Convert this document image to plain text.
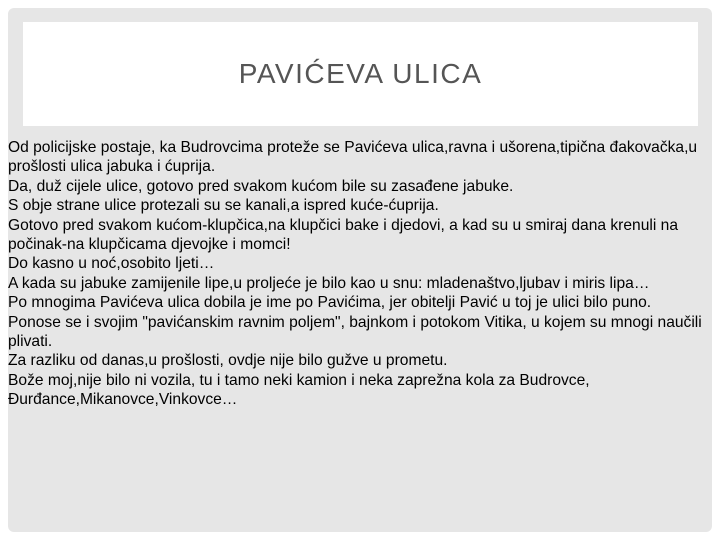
PAVIĆEVA ULICA

Od policijske postaje, ka Budrovcima proteže se Pavićeva ulica,ravna i ušorena,tipična đakovačka,u prošlosti ulica jabuka i ćuprija.

Da, duž cijele ulice, gotovo pred svakom kućom bile su zasađene jabuke.

S obje strane ulice protezali su se kanali,a ispred kuće-ćuprija.

Gotovo pred svakom kućom-klupčica,na klupčici bake i djedovi, a kad su u smiraj dana krenuli na počinak-na klupčicama djevojke i momci!

Do kasno u noć,osobito ljeti…

A kada su jabuke zamijenile lipe,u proljeće je bilo kao u snu: mladenaštvo,ljubav i miris lipa…

Po mnogima Pavićeva ulica dobila je ime po Pavićima, jer obitelji Pavić u toj je ulici bilo puno.

Ponose se i svojim "pavićanskim ravnim poljem", bajnkom i potokom Vitika, u kojem su mnogi naučili plivati.

Za razliku od danas,u prošlosti, ovdje nije bilo gužve u prometu.

Bože moj,nije bilo ni vozila, tu i tamo neki kamion i neka zaprežna kola za Budrovce, Đurđance,Mikanovce,Vinkovce…
